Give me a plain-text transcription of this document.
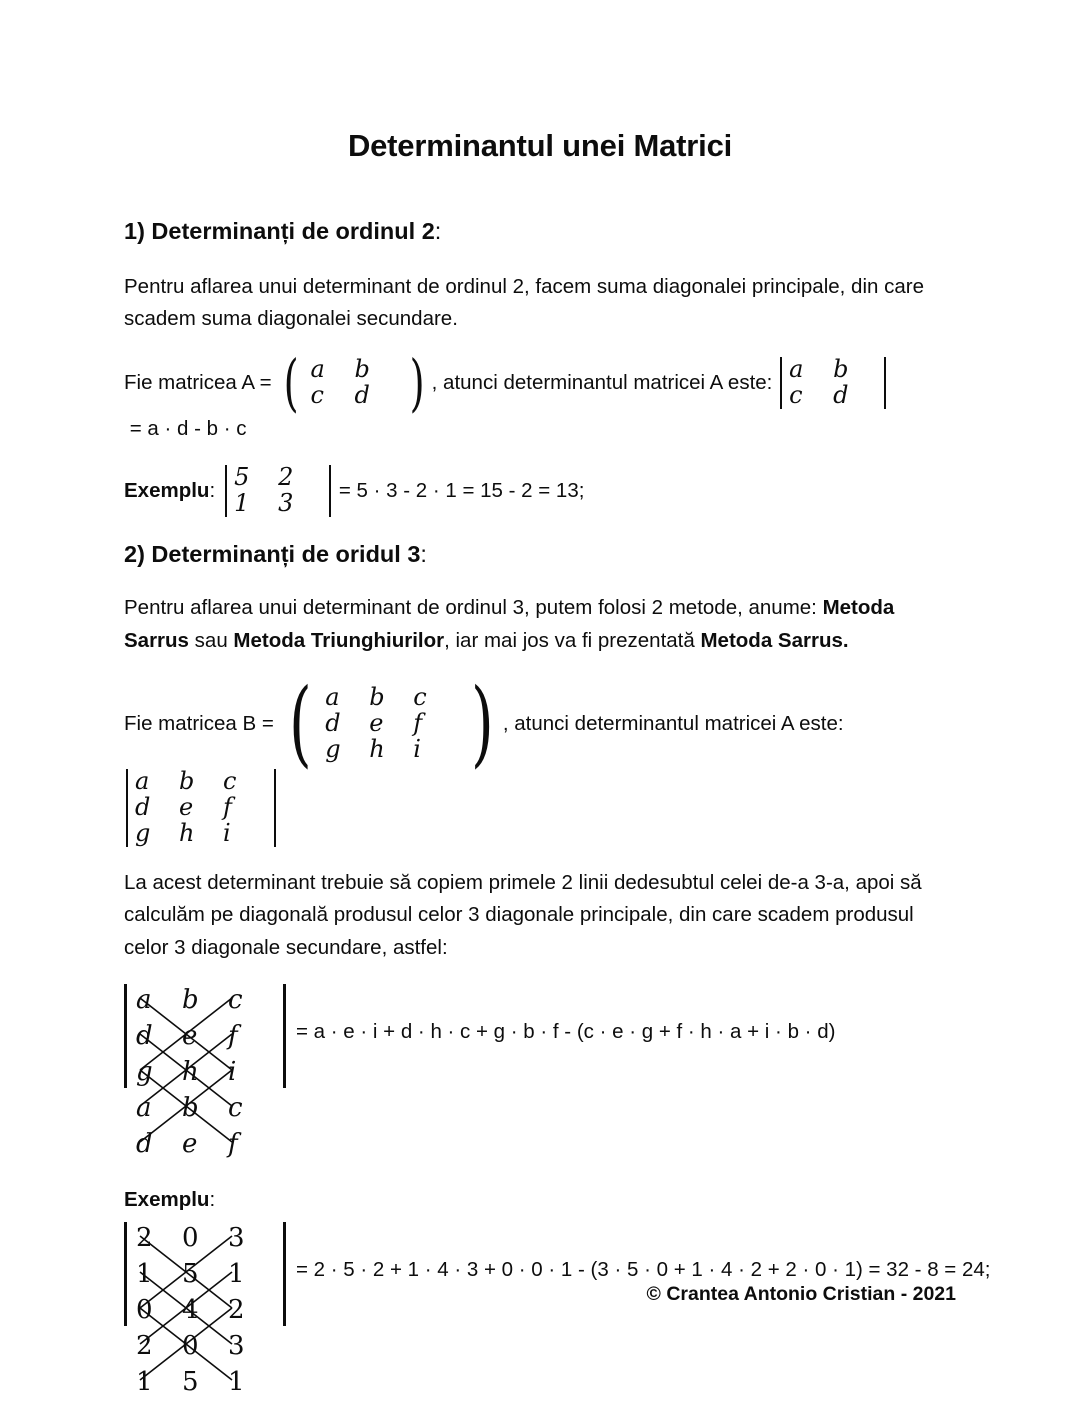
Determinantul unei Matrici
1) Determinanți de ordinul 2:

Pentru aflarea unui determinant de ordinul 2, facem suma diagonalei principale, din care scadem suma diagonalei secundare.

Fie matricea A = ( a	b
c	d ) , atunci determinantul matricei A este: a	b
c	d
= a · d - b · c
Exemplu : 5	2
1	3	= 5 · 3 - 2 · 1 = 15 - 2 = 13;
2) Determinanți de oridul 3:

Pentru aflarea unui determinant de ordinul 3, putem folosi 2 metode, anume: Metoda Sarrus sau Metoda Triunghiurilor, iar mai jos va fi prezentată Metoda Sarrus.

Fie matricea B = ( a	b	c
d	e	f
g	h	i ) , atunci determinantul matricei A este:
a	b	c
d	e	f
g	h	i

La acest determinant trebuie să copiem primele 2 linii dedesubtul celei de-a 3-a, apoi să calculăm pe diagonală produsul celor 3 diagonale principale, din care scadem produsul celor 3 diagonale secundare, astfel:

a	b	c
d	e	f
g	h	i
a	b	c
d	e	f
= a · e · i + d · h · c + g · b · f - (c · e · g + f · h · a + i · b · d)
Exemplu :
2	0	3
1	5	1
0	4	2
2	0	3
1	5	1
= 2 · 5 · 2 + 1 · 4 · 3 + 0 · 0 · 1 - (3 · 5 · 0 + 1 · 4 · 2 + 2 · 0 · 1) = 32 - 8 = 24;
© Crantea Antonio Cristian - 2021
